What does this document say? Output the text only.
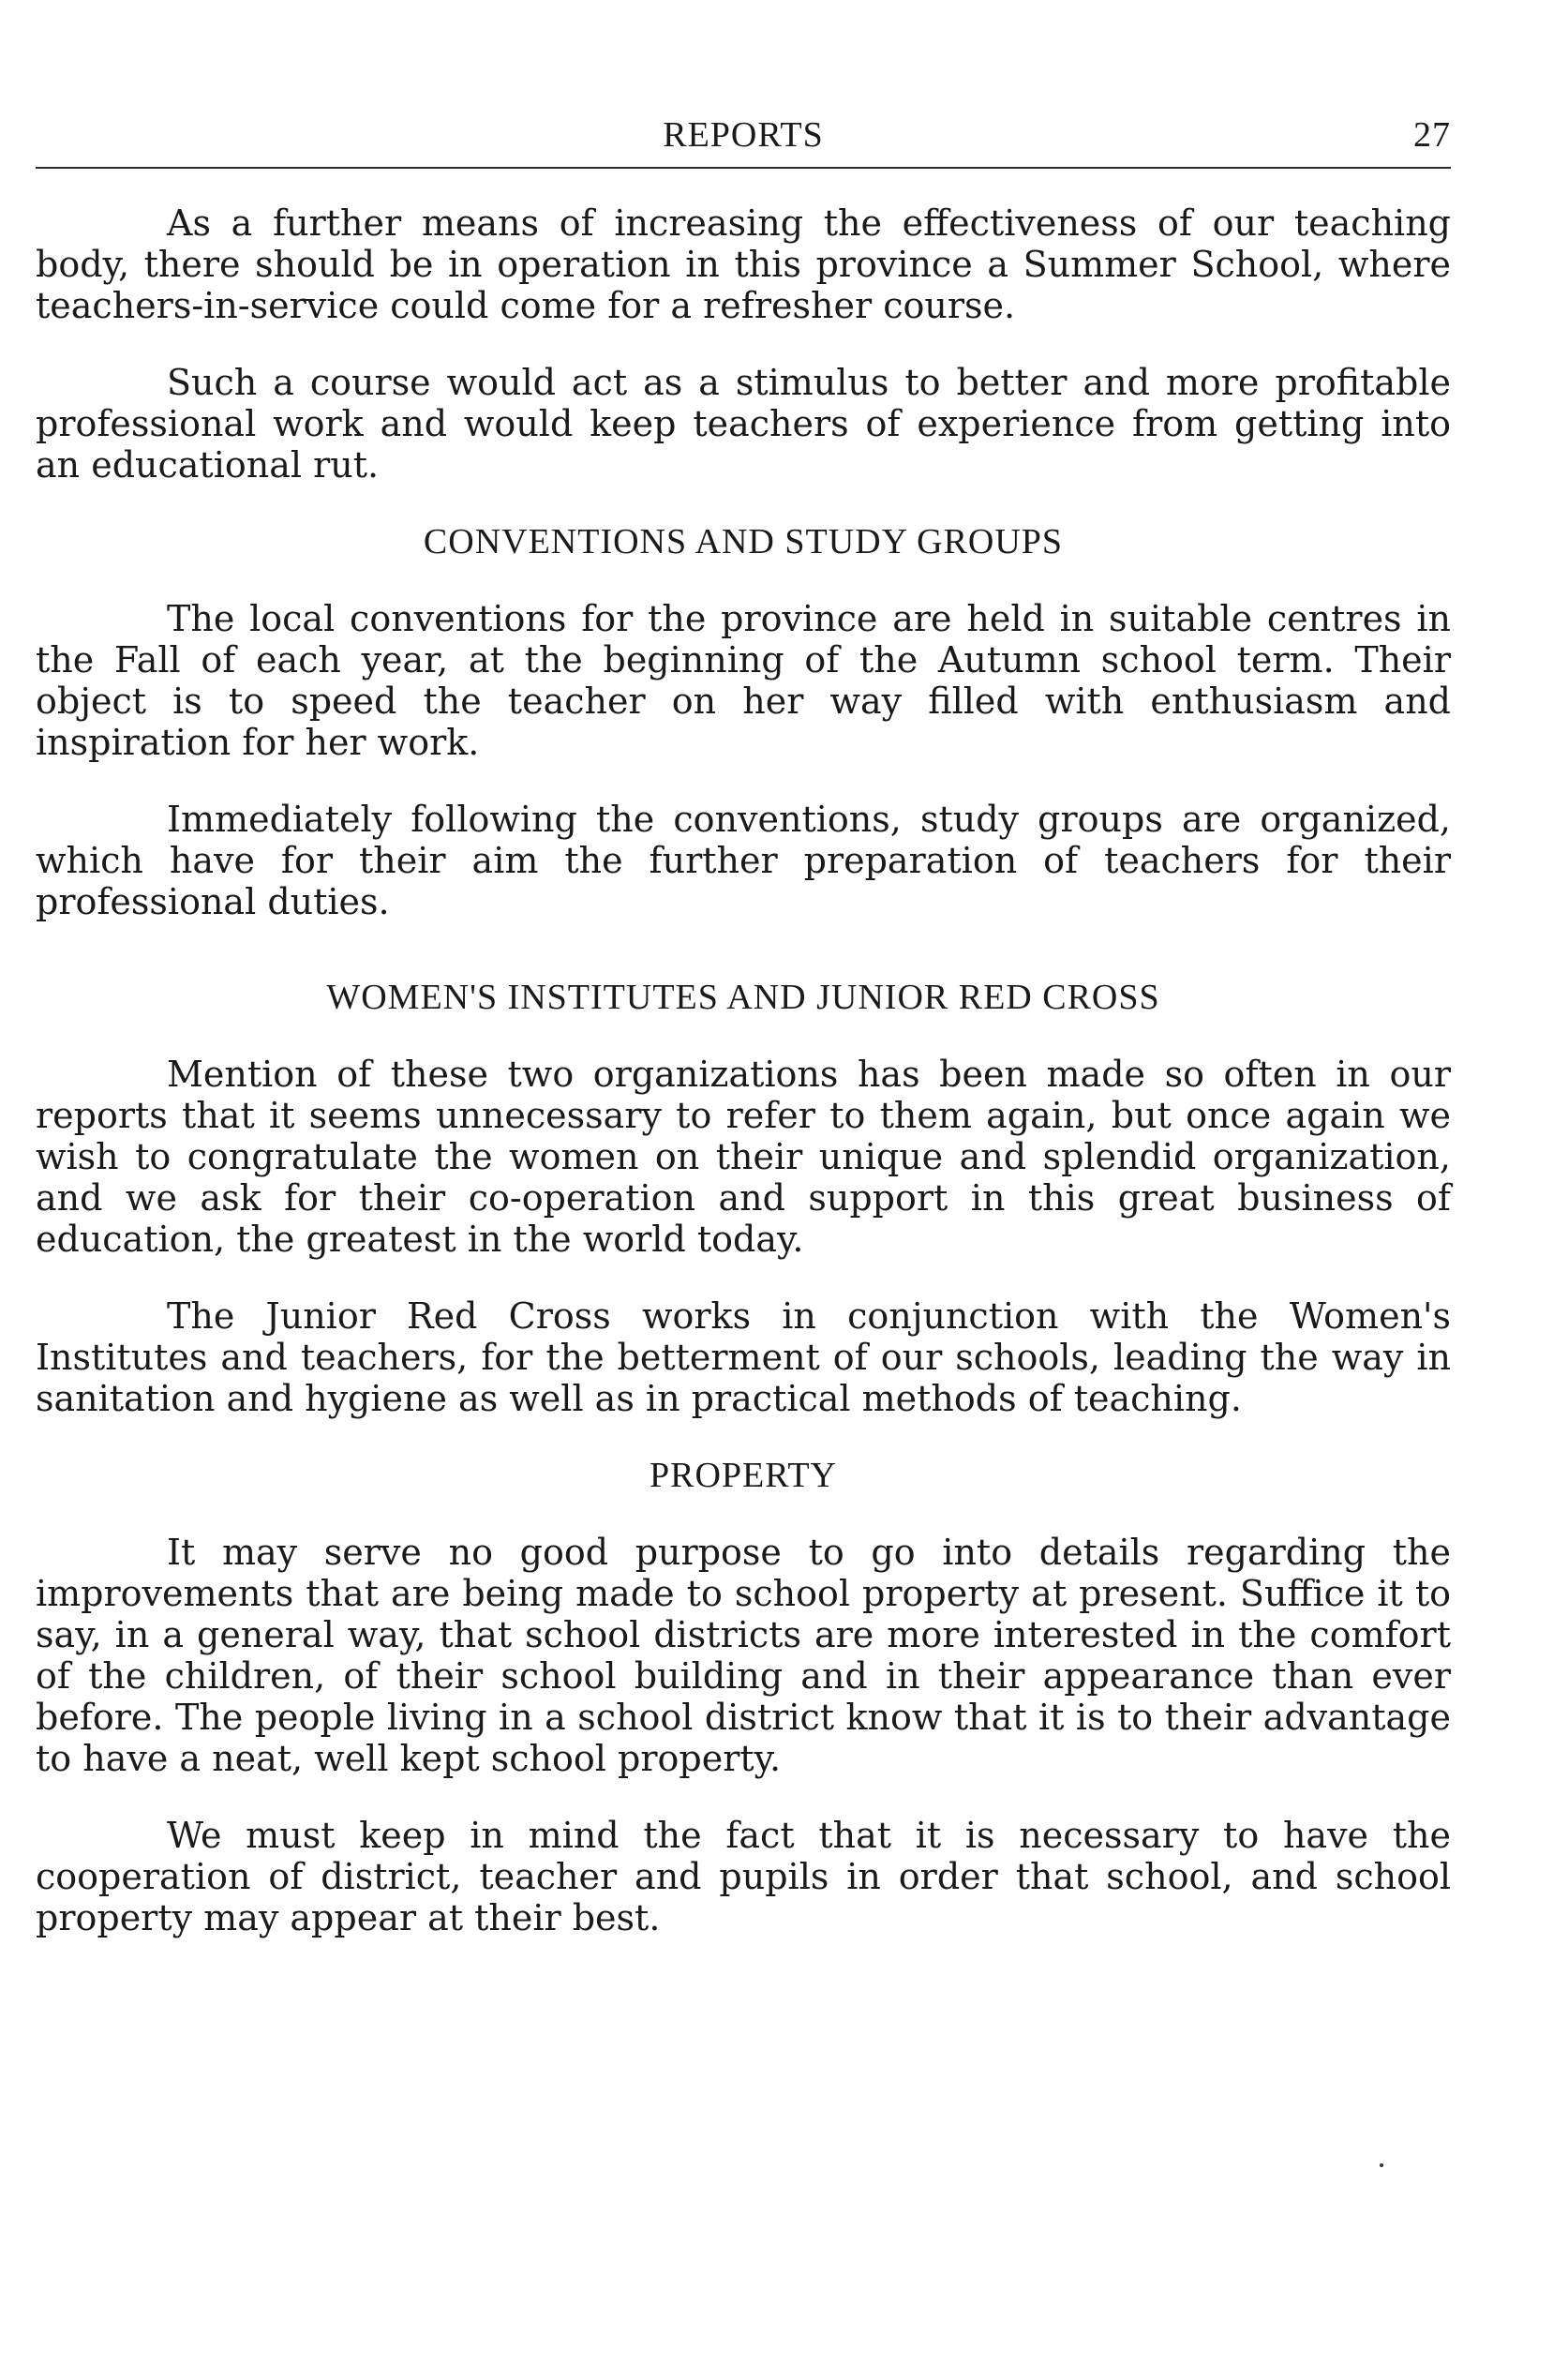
REPORTS	27

As a further means of increasing the effectiveness of our teaching body, there should be in operation in this province a Summer School, where teachers-in-service could come for a refresher course.

Such a course would act as a stimulus to better and more profitable professional work and would keep teachers of experience from getting into an educational rut.

CONVENTIONS AND STUDY GROUPS

The local conventions for the province are held in suitable centres in the Fall of each year, at the beginning of the Autumn school term. Their object is to speed the teacher on her way filled with enthusiasm and inspiration for her work.

Immediately following the conventions, study groups are organized, which have for their aim the further preparation of teachers for their professional duties.

WOMEN'S INSTITUTES AND JUNIOR RED CROSS

Mention of these two organizations has been made so often in our reports that it seems unnecessary to refer to them again, but once again we wish to congratulate the women on their unique and splendid organization, and we ask for their co-operation and support in this great business of education, the greatest in the world today.

The Junior Red Cross works in conjunction with the Women's Institutes and teachers, for the betterment of our schools, leading the way in sanitation and hygiene as well as in practical methods of teaching.

PROPERTY

It may serve no good purpose to go into details regarding the improvements that are being made to school property at present. Suffice it to say, in a general way, that school districts are more interested in the comfort of the children, of their school building and in their appearance than ever before. The people living in a school district know that it is to their advantage to have a neat, well kept school property.

We must keep in mind the fact that it is necessary to have the cooperation of district, teacher and pupils in order that school, and school property may appear at their best.
